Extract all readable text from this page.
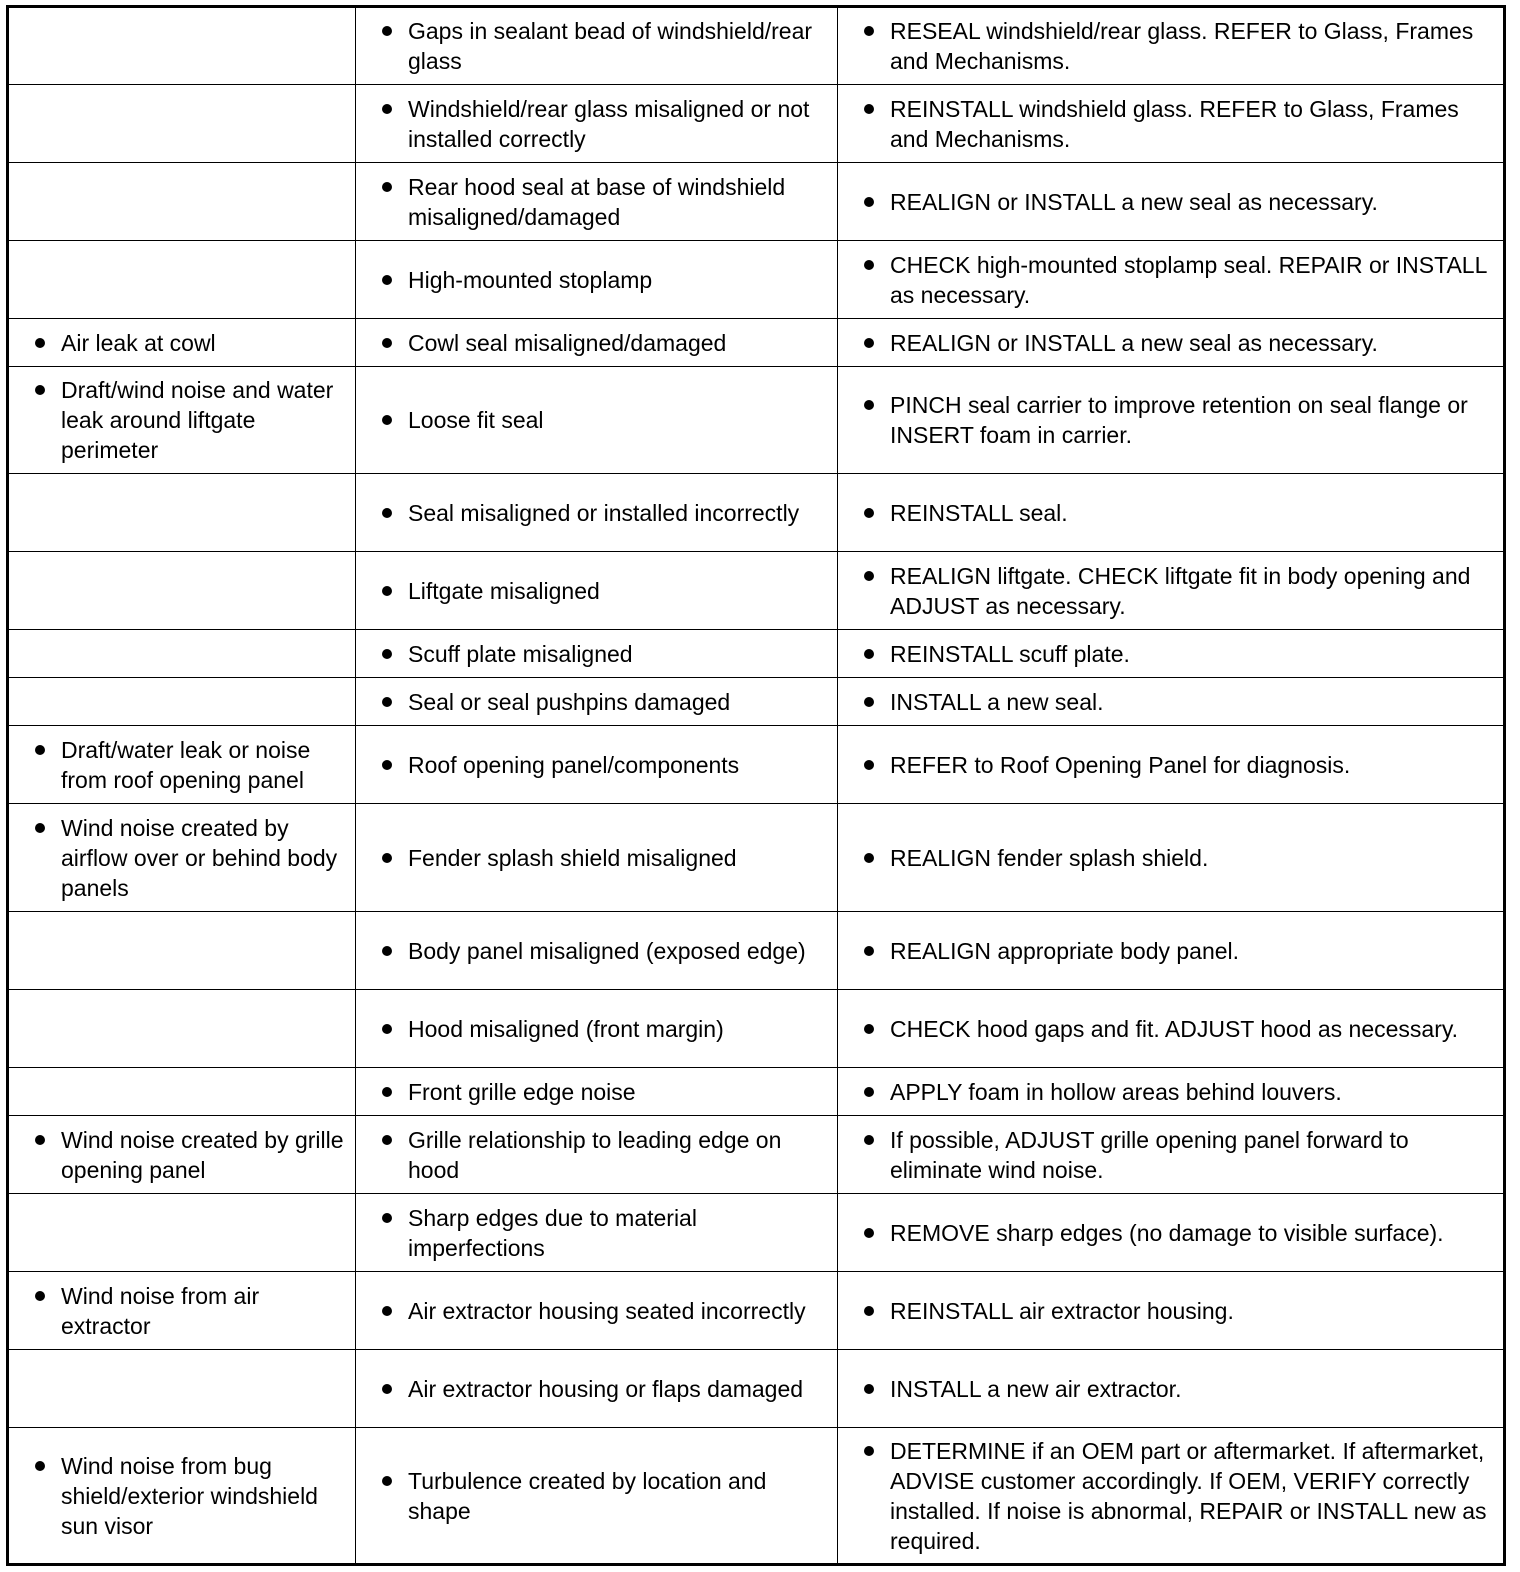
	Gaps in sealant bead of windshield/rear glass	RESEAL windshield/rear glass. REFER to Glass, Frames and Mechanisms.

	Windshield/rear glass misaligned or not installed correctly	REINSTALL windshield glass. REFER to Glass, Frames and Mechanisms.

	Rear hood seal at base of windshield misaligned/damaged	REALIGN or INSTALL a new seal as necessary.

	High-mounted stoplamp	CHECK high-mounted stoplamp seal. REPAIR or INSTALL as necessary.

Air leak at cowl	Cowl seal misaligned/damaged	REALIGN or INSTALL a new seal as necessary.

Draft/wind noise and water leak around liftgate perimeter	Loose fit seal	PINCH seal carrier to improve retention on seal flange or INSERT foam in carrier.

	Seal misaligned or installed incorrectly	REINSTALL seal.

	Liftgate misaligned	REALIGN liftgate. CHECK liftgate fit in body opening and ADJUST as necessary.

	Scuff plate misaligned	REINSTALL scuff plate.

	Seal or seal pushpins damaged	INSTALL a new seal.

Draft/water leak or noise from roof opening panel	Roof opening panel/components	REFER to Roof Opening Panel for diagnosis.

Wind noise created by airflow over or behind body panels	Fender splash shield misaligned	REALIGN fender splash shield.

	Body panel misaligned (exposed edge)	REALIGN appropriate body panel.

	Hood misaligned (front margin)	CHECK hood gaps and fit. ADJUST hood as necessary.

	Front grille edge noise	APPLY foam in hollow areas behind louvers.

Wind noise created by grille opening panel	Grille relationship to leading edge on hood	If possible, ADJUST grille opening panel forward to eliminate wind noise.

	Sharp edges due to material imperfections	REMOVE sharp edges (no damage to visible surface).

Wind noise from air extractor	Air extractor housing seated incorrectly	REINSTALL air extractor housing.

	Air extractor housing or flaps damaged	INSTALL a new air extractor.

Wind noise from bug shield/exterior windshield sun visor	Turbulence created by location and shape	DETERMINE if an OEM part or aftermarket. If aftermarket, ADVISE customer accordingly. If OEM, VERIFY correctly installed. If noise is abnormal, REPAIR or INSTALL new as required.
